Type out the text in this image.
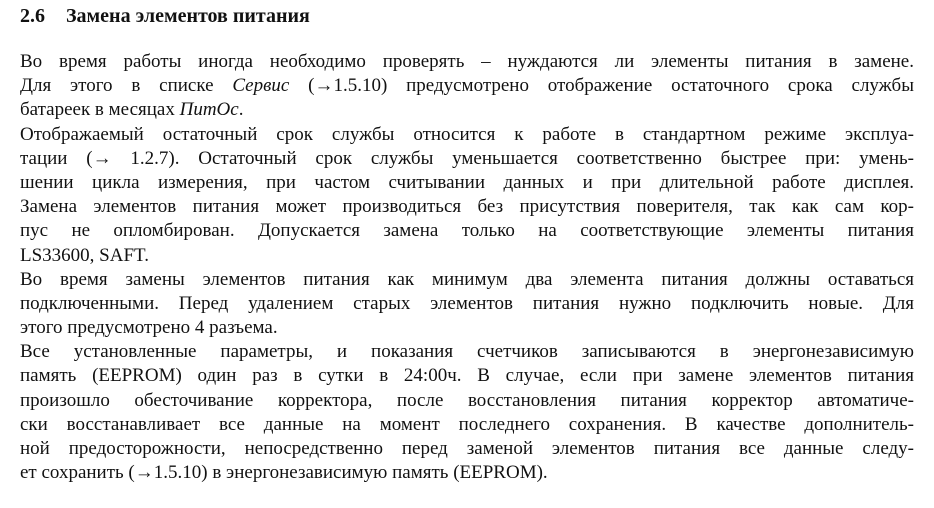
2.6 Замена элементов питания
Во время работы иногда необходимо проверять – нуждаются ли элементы питания в замене.
Для этого в списке Сервис (→1.5.10) предусмотрено отображение остаточного срока службы
батареек в месяцах ПитОс.
Отображаемый остаточный срок службы относится к работе в стандартном режиме эксплуа-
тации (→ 1.2.7). Остаточный срок службы уменьшается соответственно быстрее при: умень-
шении цикла измерения, при частом считывании данных и при длительной работе дисплея.
Замена элементов питания может производиться без присутствия поверителя, так как сам кор-
пус не опломбирован. Допускается замена только на соответствующие элементы питания
LS33600, SAFT.
Во время замены элементов питания как минимум два элемента питания должны оставаться
подключенными. Перед удалением старых элементов питания нужно подключить новые. Для
этого предусмотрено 4 разъема.
Все установленные параметры, и показания счетчиков записываются в энергонезависимую
память (EEPROM) один раз в сутки в 24:00ч. В случае, если при замене элементов питания
произошло обесточивание корректора, после восстановления питания корректор автоматиче-
ски восстанавливает все данные на момент последнего сохранения. В качестве дополнитель-
ной предосторожности, непосредственно перед заменой элементов питания все данные следу-
ет сохранить (→1.5.10) в энергонезависимую память (EEPROM).
